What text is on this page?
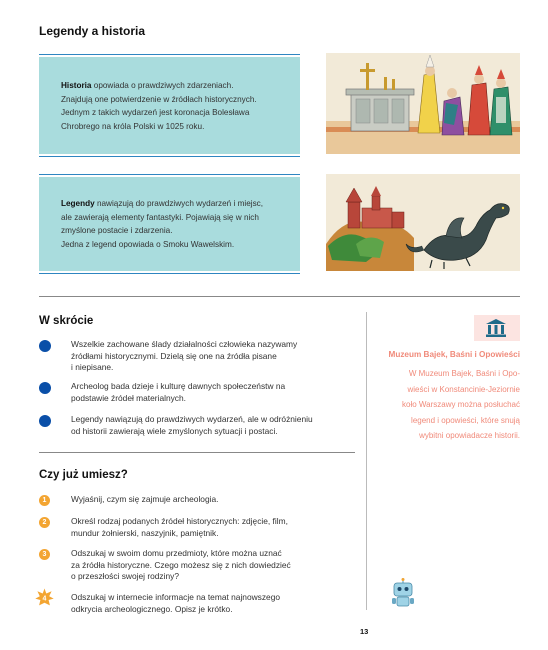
Legendy a historia
Historia opowiada o prawdziwych zdarzeniach.
Znajdują one potwierdzenie w źródłach historycznych.
Jednym z takich wydarzeń jest koronacja Bolesława
Chrobrego na króla Polski w 1025 roku.
Legendy nawiązują do prawdziwych wydarzeń i miejsc,
ale zawierają elementy fantastyki. Pojawiają się w nich
zmyślone postacie i zdarzenia.
Jedna z legend opowiada o Smoku Wawelskim.
W skrócie
Wszelkie zachowane ślady działalności człowieka nazywamy
źródłami historycznymi. Dzielą się one na źródła pisane
i niepisane.
Archeolog bada dzieje i kulturę dawnych społeczeństw na
podstawie źródeł materialnych.
Legendy nawiązują do prawdziwych wydarzeń, ale w odróżnieniu
od historii zawierają wiele zmyślonych sytuacji i postaci.
Czy już umiesz?
1	Wyjaśnij, czym się zajmuje archeologia.
2	Określ rodzaj podanych źródeł historycznych: zdjęcie, film,
mundur żołnierski, naszyjnik, pamiętnik.
3	Odszukaj w swoim domu przedmioty, które można uznać
za źródła historyczne. Czego możesz się z nich dowiedzieć
o przeszłości swojej rodziny?
4	Odszukaj w internecie informacje na temat najnowszego
odkrycia archeologicznego. Opisz je krótko.
Muzeum Bajek, Baśni i Opowieści
W Muzeum Bajek, Baśni i Opo-
wieści w Konstancinie-Jeziornie
koło Warszawy można posłuchać
legend i opowieści, które snują
wybitni opowiadacze historii.
13
